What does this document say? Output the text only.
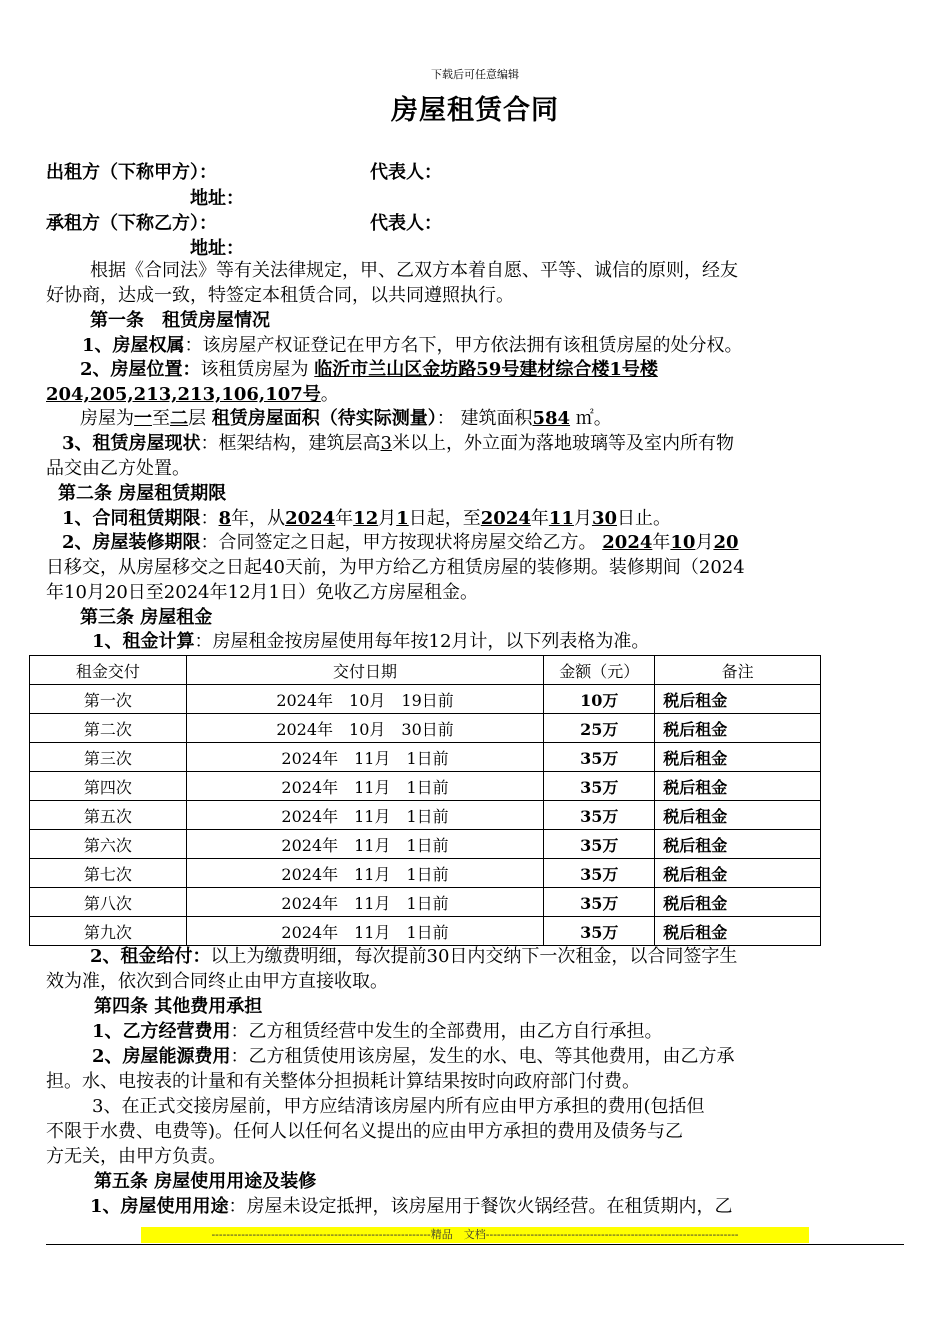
下载后可任意编辑
房屋租赁合同
出租方（下称甲方）：	代表人：
地址：
承租方（下称乙方）：	代表人：
地址：
根据《合同法》等有关法律规定，甲、乙双方本着自愿、平等、诚信的原则，经友
好协商，达成一致，特签定本租赁合同，以共同遵照执行。
第一条　租赁房屋情况
1、房屋权属：该房屋产权证登记在甲方名下，甲方依法拥有该租赁房屋的处分权。
2、房屋位置：该租赁房屋为 临沂市兰山区金坊路59号建材综合楼1号楼
204,205,213,213,106,107号。
房屋为一至二层 租赁房屋面积（待实际测量）： 建筑面积584 ㎡。
3、租赁房屋现状：框架结构，建筑层高3米以上，外立面为落地玻璃等及室内所有物
品交由乙方处置。
第二条 房屋租赁期限
1、合同租赁期限：8年，从2024年12月1日起，至2024年11月30日止。
2、房屋装修期限：合同签定之日起，甲方按现状将房屋交给乙方。 2024年10月20
日移交，从房屋移交之日起40天前，为甲方给乙方租赁房屋的装修期。装修期间（2024
年10月20日至2024年12月1日）免收乙方房屋租金。
第三条 房屋租金
1、租金计算：房屋租金按房屋使用每年按12月计，以下列表格为准。
租金交付	交付日期	金额（元）	备注
第一次	2024年　10月　19日前	10万	税后租金
第二次	2024年　10月　30日前	25万	税后租金
第三次	2024年　11月　1日前	35万	税后租金
第四次	2024年　11月　1日前	35万	税后租金
第五次	2024年　11月　1日前	35万	税后租金
第六次	2024年　11月　1日前	35万	税后租金
第七次	2024年　11月　1日前	35万	税后租金
第八次	2024年　11月　1日前	35万	税后租金
第九次	2024年　11月　1日前	35万	税后租金
2、租金给付：以上为缴费明细，每次提前30日内交纳下一次租金，以合同签字生
效为准，依次到合同终止由甲方直接收取。
第四条 其他费用承担
1、乙方经营费用：乙方租赁经营中发生的全部费用，由乙方自行承担。
2、房屋能源费用：乙方租赁使用该房屋，发生的水、电、等其他费用，由乙方承
担。水、电按表的计量和有关整体分担损耗计算结果按时向政府部门付费。
3、在正式交接房屋前，甲方应结清该房屋内所有应由甲方承担的费用(包括但
不限于水费、电费等)。任何人以任何名义提出的应由甲方承担的费用及债务与乙
方无关，由甲方负责。
第五条 房屋使用用途及装修
1、房屋使用用途：房屋未设定抵押，该房屋用于餐饮火锅经营。在租赁期内，乙
-----------------------------------------------------------精品　文档--------------------------------------------------------------------
